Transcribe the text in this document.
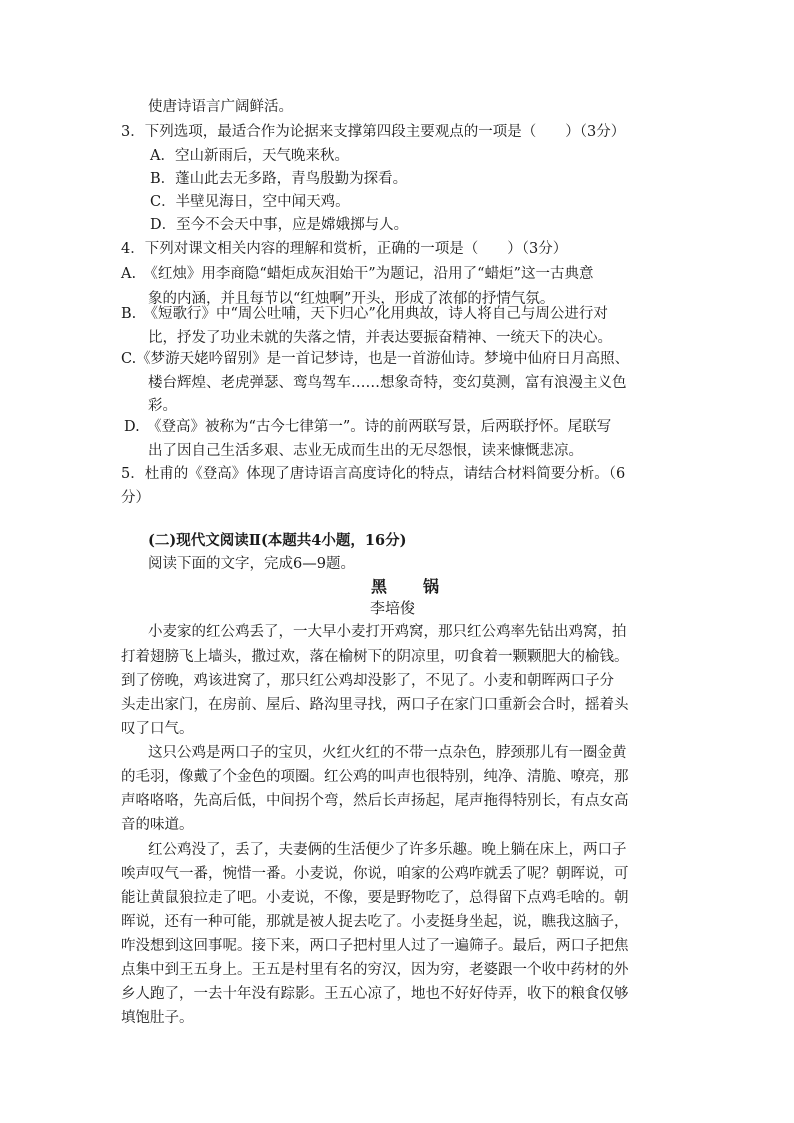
使唐诗语言广阔鲜活。
3．下列选项，最适合作为论据来支撑第四段主要观点的一项是（　　）（3分）
A．空山新雨后，天气晚来秋。
B．蓬山此去无多路，青鸟殷勤为探看。
C．半壁见海日，空中闻天鸡。
D．至今不会天中事，应是嫦娥掷与人。
4．下列对课文相关内容的理解和赏析，正确的一项是（　　）（3分）
A.　《红烛》用李商隐“蜡炬成灰泪始干”为题记，沿用了“蜡炬”这一古典意
象的内涵，并且每节以“红烛啊”开头，形成了浓郁的抒情气氛。
B.　《短歌行》中“周公吐哺，天下归心”化用典故，诗人将自己与周公进行对
比，抒发了功业未就的失落之情，并表达要振奋精神、一统天下的决心。
C.《梦游天姥吟留别》是一首记梦诗，也是一首游仙诗。梦境中仙府日月高照、
楼台辉煌、老虎弹瑟、鸾鸟驾车……想象奇特，变幻莫测，富有浪漫主义色
彩。
D.　《登高》被称为“古今七律第一”。诗的前两联写景，后两联抒怀。尾联写
出了因自己生活多艰、志业无成而生出的无尽怨恨，读来慷慨悲凉。
5．杜甫的《登高》体现了唐诗语言高度诗化的特点，请结合材料简要分析。（6
分）
(二)现代文阅读Ⅱ(本题共4小题，16分)
阅读下面的文字，完成6—9题。
黑　锅
李培俊
小麦家的红公鸡丢了，一大早小麦打开鸡窝，那只红公鸡率先钻出鸡窝，拍
打着翅膀飞上墙头，撒过欢，落在榆树下的阴凉里，叨食着一颗颗肥大的榆钱。
到了傍晚，鸡该进窝了，那只红公鸡却没影了，不见了。小麦和朝晖两口子分
头走出家门，在房前、屋后、路沟里寻找，两口子在家门口重新会合时，摇着头
叹了口气。
这只公鸡是两口子的宝贝，火红火红的不带一点杂色，脖颈那儿有一圈金黄
的毛羽，像戴了个金色的项圈。红公鸡的叫声也很特别，纯净、清脆、嘹亮，那
声咯咯咯，先高后低，中间拐个弯，然后长声扬起，尾声拖得特别长，有点女高
音的味道。
红公鸡没了，丢了，夫妻俩的生活便少了许多乐趣。晚上躺在床上，两口子
唉声叹气一番，惋惜一番。小麦说，你说，咱家的公鸡咋就丢了呢？朝晖说，可
能让黄鼠狼拉走了吧。小麦说，不像，要是野物吃了，总得留下点鸡毛啥的。朝
晖说，还有一种可能，那就是被人捉去吃了。小麦挺身坐起，说，瞧我这脑子，
咋没想到这回事呢。接下来，两口子把村里人过了一遍筛子。最后，两口子把焦
点集中到王五身上。王五是村里有名的穷汉，因为穷，老婆跟一个收中药材的外
乡人跑了，一去十年没有踪影。王五心凉了，地也不好好侍弄，收下的粮食仅够
填饱肚子。
